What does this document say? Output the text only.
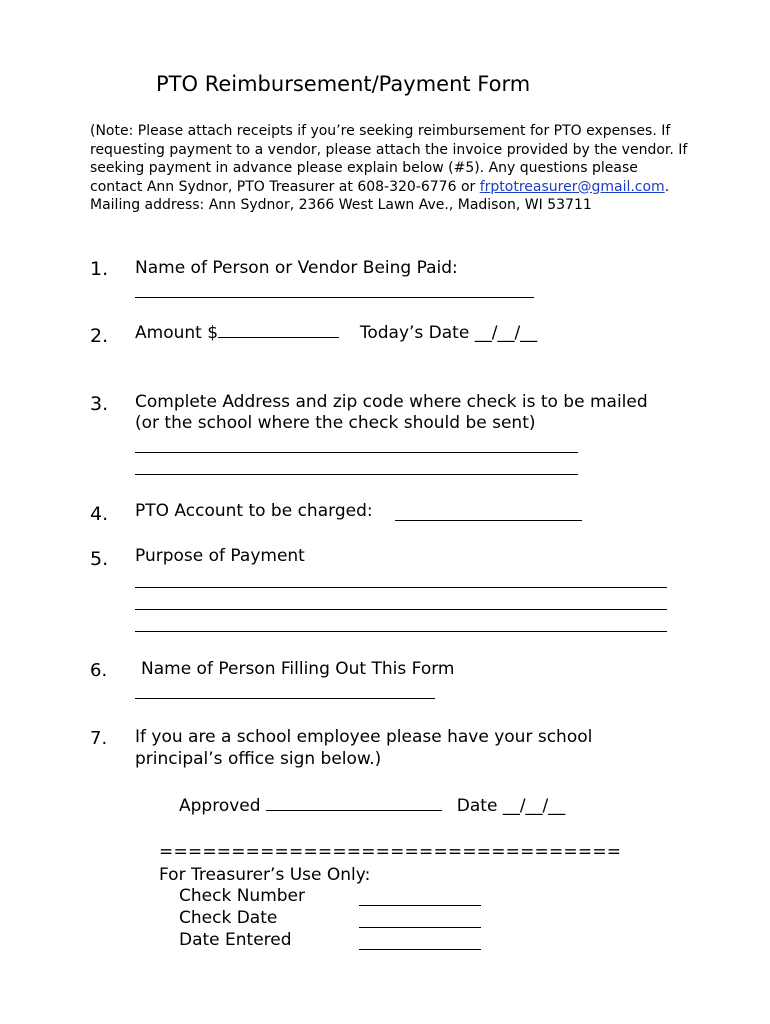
PTO Reimbursement/Payment Form
(Note: Please attach receipts if you’re seeking reimbursement for PTO expenses. If requesting payment to a vendor, please attach the invoice provided by the vendor. If seeking payment in advance please explain below (#5). Any questions please contact Ann Sydnor, PTO Treasurer at 608-320-6776 or frptotreasurer@gmail.com. Mailing address: Ann Sydnor, 2366 West Lawn Ave., Madison, WI 53711
1. Name of Person or Vendor Being Paid:
2. Amount $	Today’s Date __/__/__
3. Complete Address and zip code where check is to be mailed
(or the school where the check should be sent)
4. PTO Account to be charged:
5. Purpose of Payment
6. Name of Person Filling Out This Form
7. If you are a school employee please have your school
principal’s office sign below.)
Approved	Date __/__/__
================================
For Treasurer’s Use Only:
Check Number
Check Date
Date Entered
